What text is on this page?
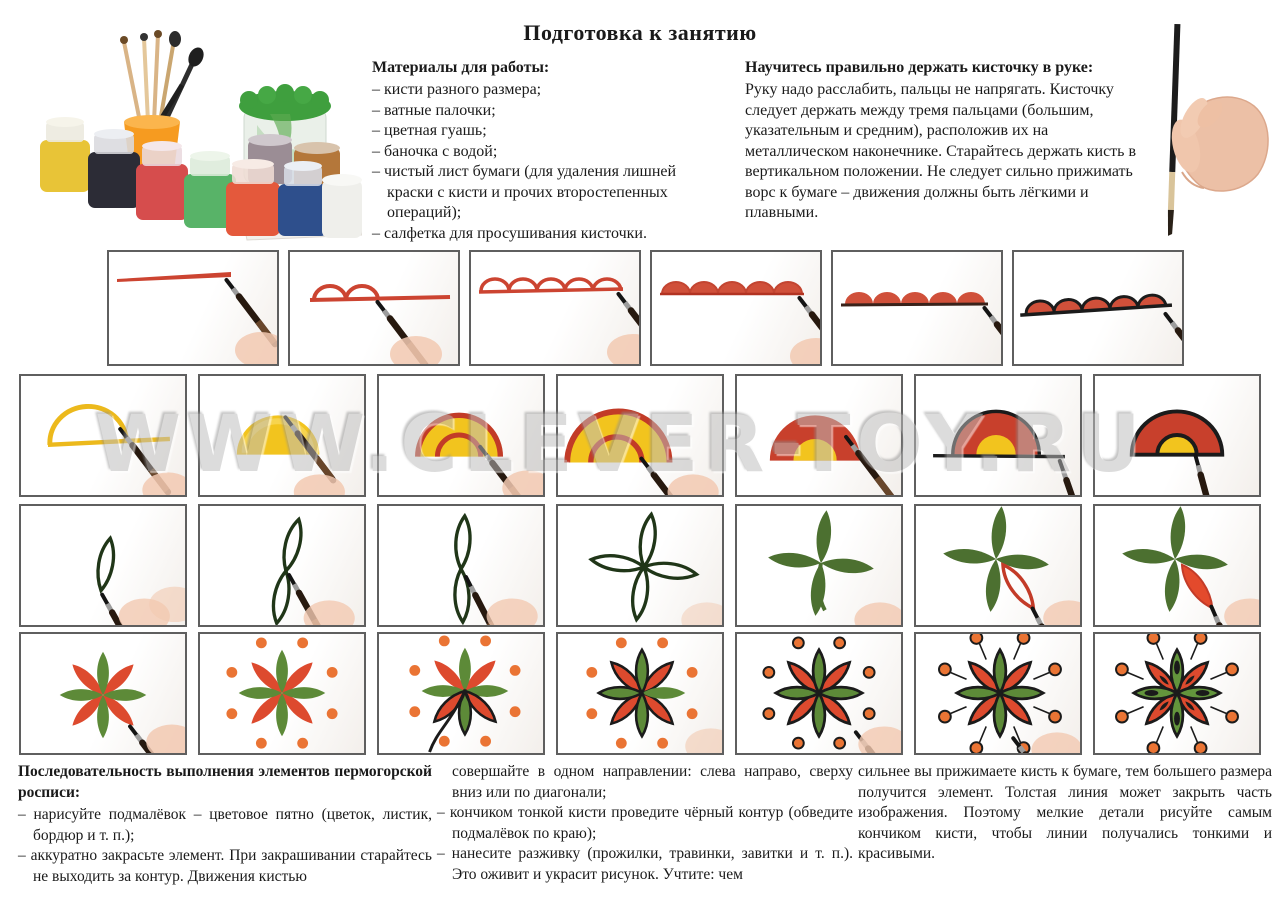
Подготовка к занятию
Материалы для работы:
– кисти разного размера;
– ватные палочки;
– цветная гуашь;
– баночка с водой;
– чистый лист бумаги (для удаления лишней краски с кисти и прочих второстепенных операций);
– салфетка для просушивания кисточки.
Научитесь правильно держать кисточку в руке:
Руку надо расслабить, пальцы не напрягать. Кисточку следует держать между тремя пальцами (большим, указательным и средним), расположив их на металлическом наконечнике. Старайтесь держать кисть в вертикальном положении. Не следует сильно прижимать ворс к бумаге – движения должны быть лёгкими и плавными.
WWW.CLEVER-TOY.RU
Последовательность выполнения элементов пермогорской росписи:
– нарисуйте подмалёвок – цветовое пятно (цветок, листик, бордюр и т. п.);
– аккуратно закрасьте элемент. При закрашивании старайтесь не выходить за контур. Движения кистью
совершайте в одном направлении: слева направо, сверху вниз или по диагонали;
– кончиком тонкой кисти проведите чёрный контур (обведите подмалёвок по краю);
– нанесите разживку (прожилки, травинки, завитки и т. п.). Это оживит и украсит рисунок. Учтите: чем
сильнее вы прижимаете кисть к бумаге, тем большего размера получится элемент. Толстая линия может закрыть часть изображения. Поэтому мелкие детали рисуйте самым кончиком кисти, чтобы линии получались тонкими и красивыми.
